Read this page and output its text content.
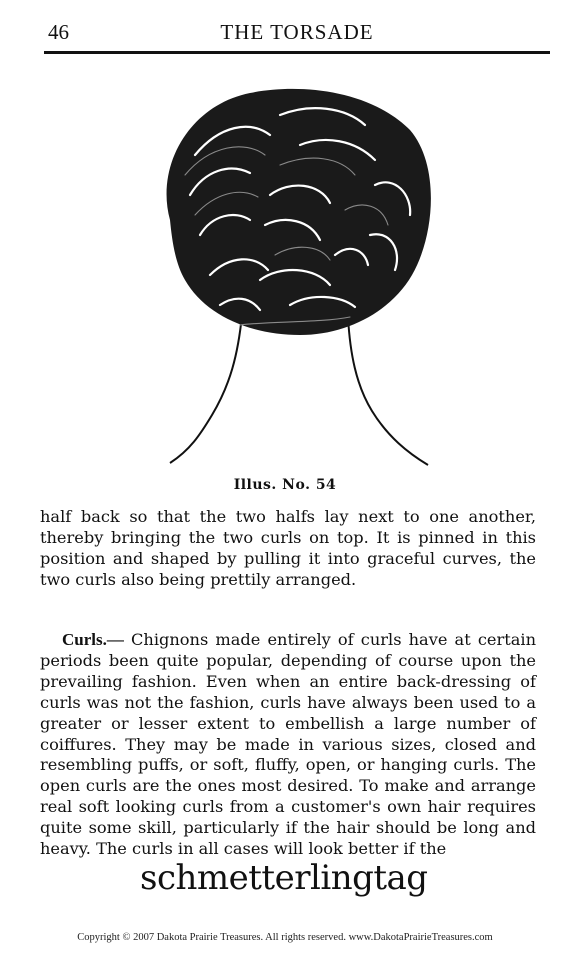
46	THE TORSADE
Illus. No. 54

half back so that the two halfs lay next to one another, thereby bringing the two curls on top. It is pinned in this position and shaped by pulling it into graceful curves, the two curls also being prettily arranged.

Curls.— Chignons made entirely of curls have at certain periods been quite popular, depending of course upon the prevailing fashion. Even when an entire back-dressing of curls was not the fashion, curls have always been used to a greater or lesser extent to embellish a large number of coiffures. They may be made in various sizes, closed and resembling puffs, or soft, fluffy, open, or hanging curls. The open curls are the ones most desired. To make and arrange real soft looking curls from a customer's own hair requires quite some skill, particularly if the hair should be long and heavy. The curls in all cases will look better if the

schmetterlingtag
Copyright © 2007 Dakota Prairie Treasures. All rights reserved. www.DakotaPrairieTreasures.com
